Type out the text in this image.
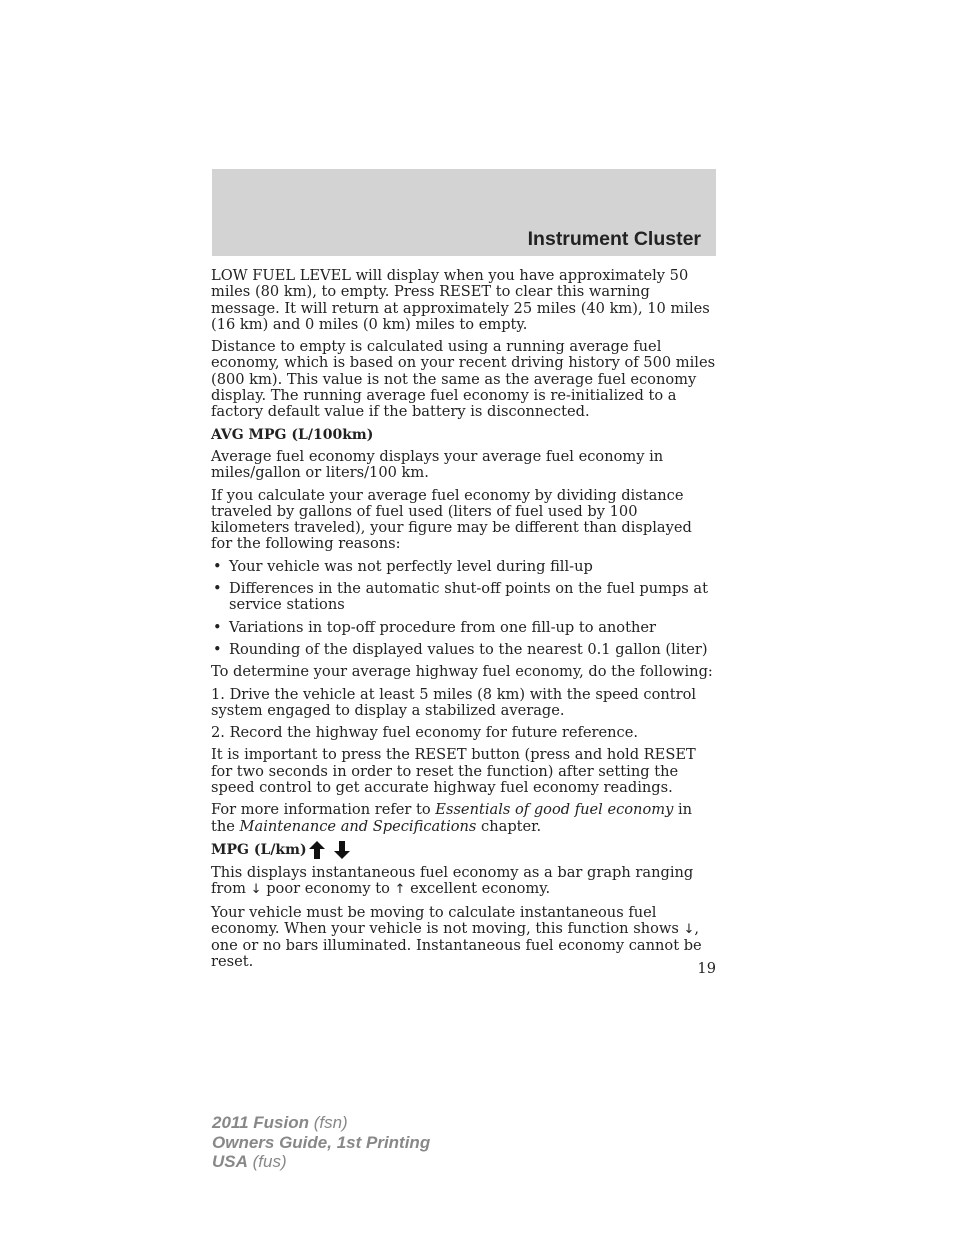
Instrument Cluster

LOW FUEL LEVEL will display when you have approximately 50 miles (80 km), to empty. Press RESET to clear this warning message. It will return at approximately 25 miles (40 km), 10 miles (16 km) and 0 miles (0 km) miles to empty.

Distance to empty is calculated using a running average fuel economy, which is based on your recent driving history of 500 miles (800 km). This value is not the same as the average fuel economy display. The running average fuel economy is re-initialized to a factory default value if the battery is disconnected.

AVG MPG (L/100km)

Average fuel economy displays your average fuel economy in miles/gallon or liters/100 km.

If you calculate your average fuel economy by dividing distance traveled by gallons of fuel used (liters of fuel used by 100 kilometers traveled), your figure may be different than displayed for the following reasons:

• Your vehicle was not perfectly level during fill-up
• Differences in the automatic shut-off points on the fuel pumps at service stations
• Variations in top-off procedure from one fill-up to another
• Rounding of the displayed values to the nearest 0.1 gallon (liter)

To determine your average highway fuel economy, do the following:

1. Drive the vehicle at least 5 miles (8 km) with the speed control system engaged to display a stabilized average.

2. Record the highway fuel economy for future reference.

It is important to press the RESET button (press and hold RESET for two seconds in order to reset the function) after setting the speed control to get accurate highway fuel economy readings.

For more information refer to Essentials of good fuel economy in the Maintenance and Specifications chapter.

MPG (L/km)

This displays instantaneous fuel economy as a bar graph ranging from ↓ poor economy to ↑ excellent economy.

Your vehicle must be moving to calculate instantaneous fuel economy. When your vehicle is not moving, this function shows ↓, one or no bars illuminated. Instantaneous fuel economy cannot be reset.	19
2011 Fusion (fsn)
Owners Guide, 1st Printing
USA (fus)
